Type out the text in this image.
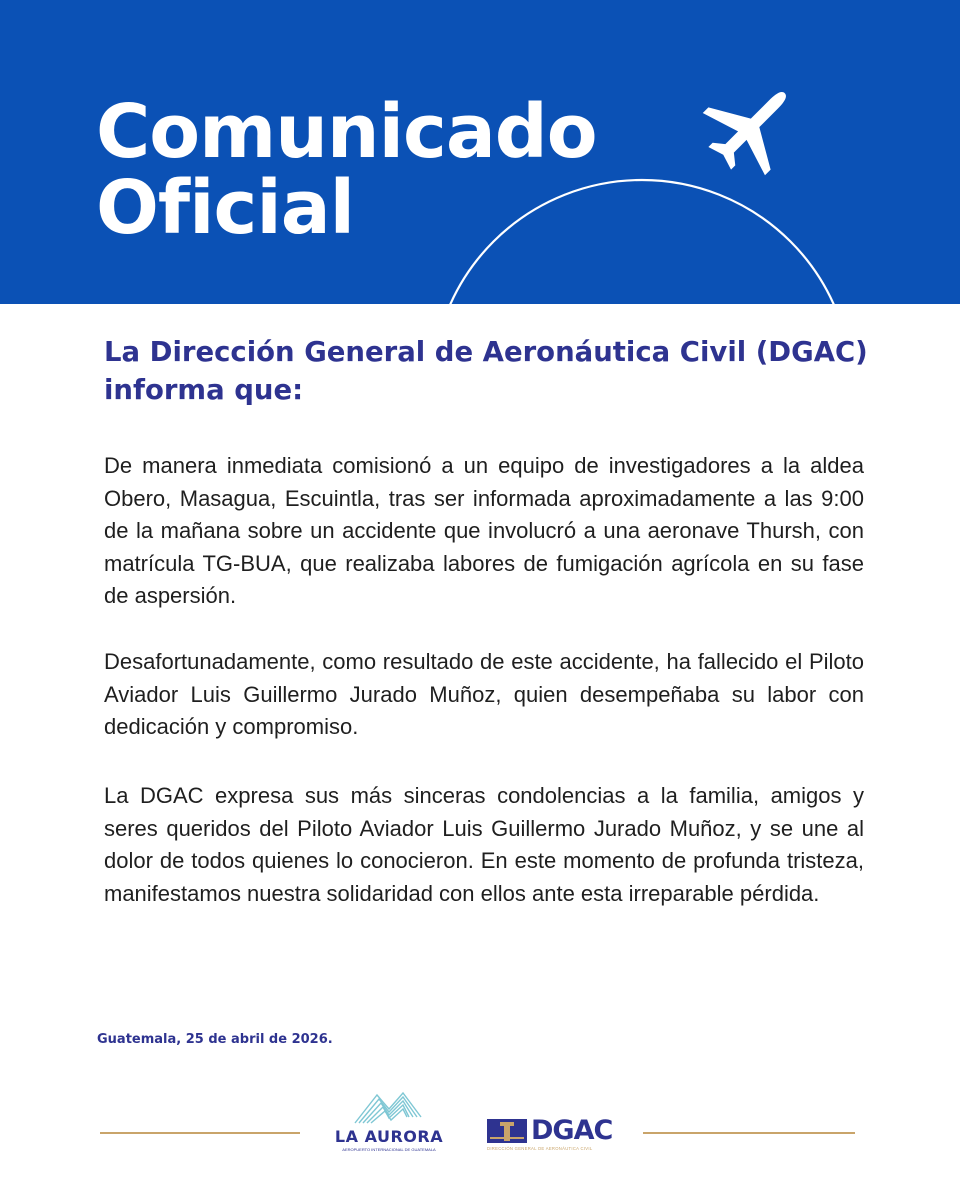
Comunicado
Oficial
La Dirección General de Aeronáutica Civil (DGAC) informa que:

De manera inmediata comisionó a un equipo de investigadores a la aldea Obero, Masagua, Escuintla, tras ser informada aproximadamente a las 9:00 de la mañana sobre un accidente que involucró a una aeronave Thursh, con matrícula TG-BUA, que realizaba labores de fumigación agrícola en su fase de aspersión.

Desafortunadamente, como resultado de este accidente, ha fallecido el Piloto Aviador Luis Guillermo Jurado Muñoz, quien desempeñaba su labor con dedicación y compromiso.

La DGAC expresa sus más sinceras condolencias a la familia, amigos y seres queridos del Piloto Aviador Luis Guillermo Jurado Muñoz, y se une al dolor de todos quienes lo conocieron. En este momento de profunda tristeza, manifestamos nuestra solidaridad con ellos ante esta irreparable pérdida.

Guatemala, 25 de abril de 2026.

LA AURORA
AEROPUERTO INTERNACIONAL DE GUATEMALA
DGAC
DIRECCIÓN GENERAL DE AERONÁUTICA CIVIL
